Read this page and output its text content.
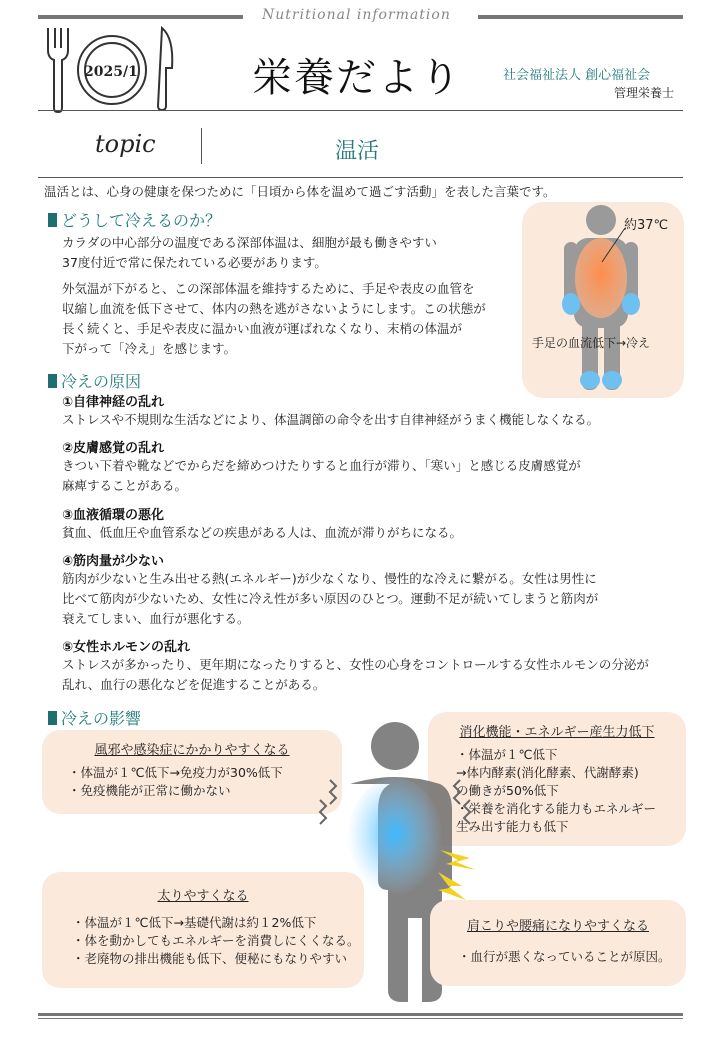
Nutritional information
2025/1	栄養だより	社会福祉法人 創心福祉会
管理栄養士
topic	温活
温活とは、心身の健康を保つために「日頃から体を温めて過ごす活動」を表した言葉です。
どうして冷えるのか？
カラダの中心部分の温度である深部体温は、細胞が最も働きやすい
37度付近で常に保たれている必要があります。
外気温が下がると、この深部体温を維持するために、手足や表皮の血管を
収縮し血流を低下させて、体内の熱を逃がさないようにします。この状態が
長く続くと、手足や表皮に温かい血液が運ばれなくなり、末梢の体温が
下がって「冷え」を感じます。
約37℃
手足の血流低下→冷え
冷えの原因
①自律神経の乱れ
ストレスや不規則な生活などにより、体温調節の命令を出す自律神経がうまく機能しなくなる。
②皮膚感覚の乱れ
きつい下着や靴などでからだを締めつけたりすると血行が滞り、「寒い」と感じる皮膚感覚が
麻痺することがある。
③血液循環の悪化
貧血、低血圧や血管系などの疾患がある人は、血流が滞りがちになる。
④筋肉量が少ない
筋肉が少ないと生み出せる熱(エネルギー)が少なくなり、慢性的な冷えに繋がる。女性は男性に
比べて筋肉が少ないため、女性に冷え性が多い原因のひとつ。運動不足が続いてしまうと筋肉が
衰えてしまい、血行が悪化する。
⑤女性ホルモンの乱れ
ストレスが多かったり、更年期になったりすると、女性の心身をコントロールする女性ホルモンの分泌が
乱れ、血行の悪化などを促進することがある。
冷えの影響
風邪や感染症にかかりやすくなる
・体温が１℃低下→免疫力が30%低下
・免疫機能が正常に働かない
消化機能・エネルギー産生力低下
・体温が１℃低下
→体内酵素(消化酵素、代謝酵素)
の働きが50%低下
・栄養を消化する能力もエネルギー
生み出す能力も低下
太りやすくなる
・体温が１℃低下→基礎代謝は約１2%低下
・体を動かしてもエネルギーを消費しにくくなる。
・老廃物の排出機能も低下、便秘にもなりやすい
肩こりや腰痛になりやすくなる
・血行が悪くなっていることが原因。
